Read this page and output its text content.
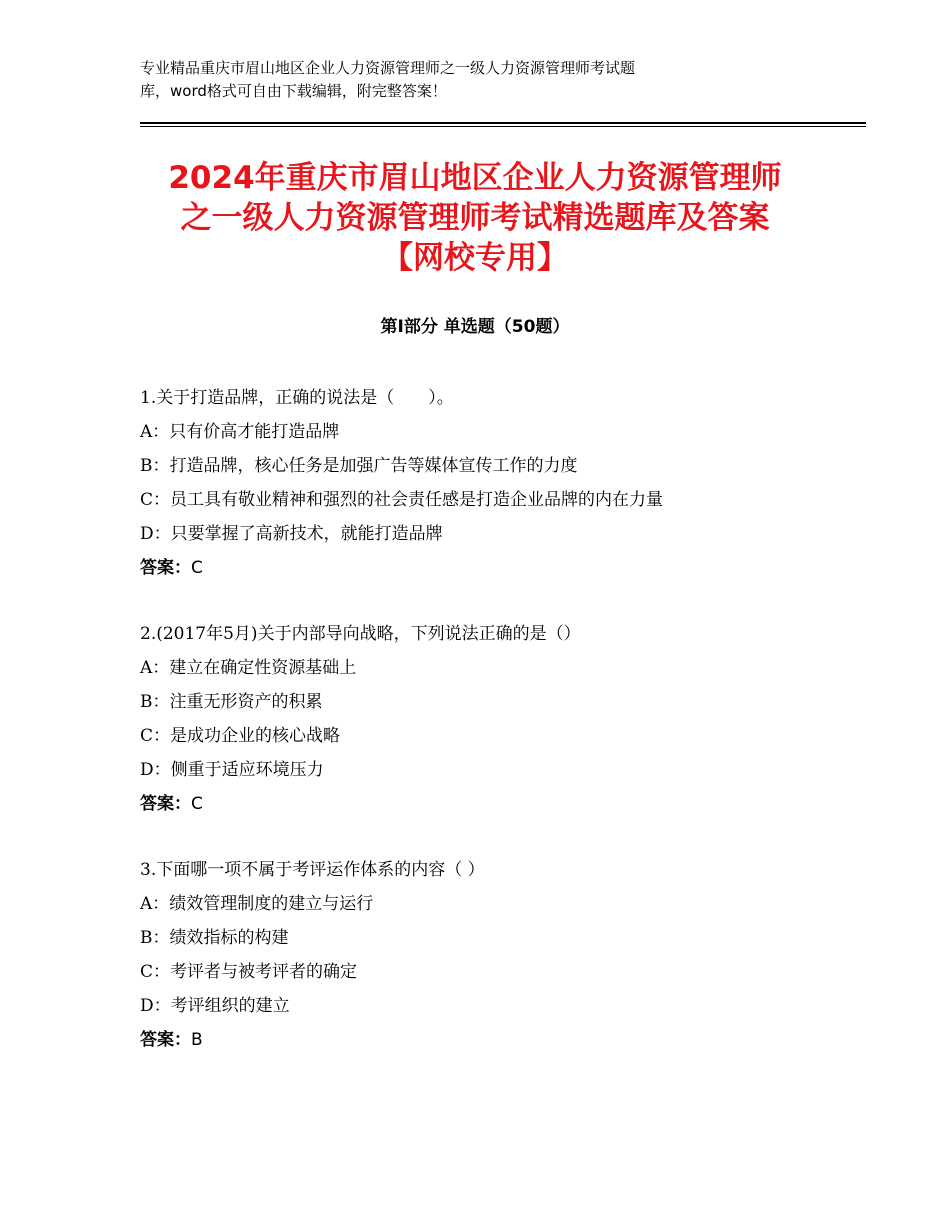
专业精品重庆市眉山地区企业人力资源管理师之一级人力资源管理师考试题
库，word格式可自由下载编辑，附完整答案！
2024年重庆市眉山地区企业人力资源管理师
之一级人力资源管理师考试精选题库及答案
【网校专用】
第Ⅰ部分 单选题（50题）
1.关于打造品牌，正确的说法是（　　）。
A：只有价高才能打造品牌
B：打造品牌，核心任务是加强广告等媒体宣传工作的力度
C：员工具有敬业精神和强烈的社会责任感是打造企业品牌的内在力量
D：只要掌握了高新技术，就能打造品牌
答案：C
2.(2017年5月)关于内部导向战略，下列说法正确的是（）
A：建立在确定性资源基础上
B：注重无形资产的积累
C：是成功企业的核心战略
D：侧重于适应环境压力
答案：C
3.下面哪一项不属于考评运作体系的内容（ ）
A：绩效管理制度的建立与运行
B：绩效指标的构建
C：考评者与被考评者的确定
D：考评组织的建立
答案：B
